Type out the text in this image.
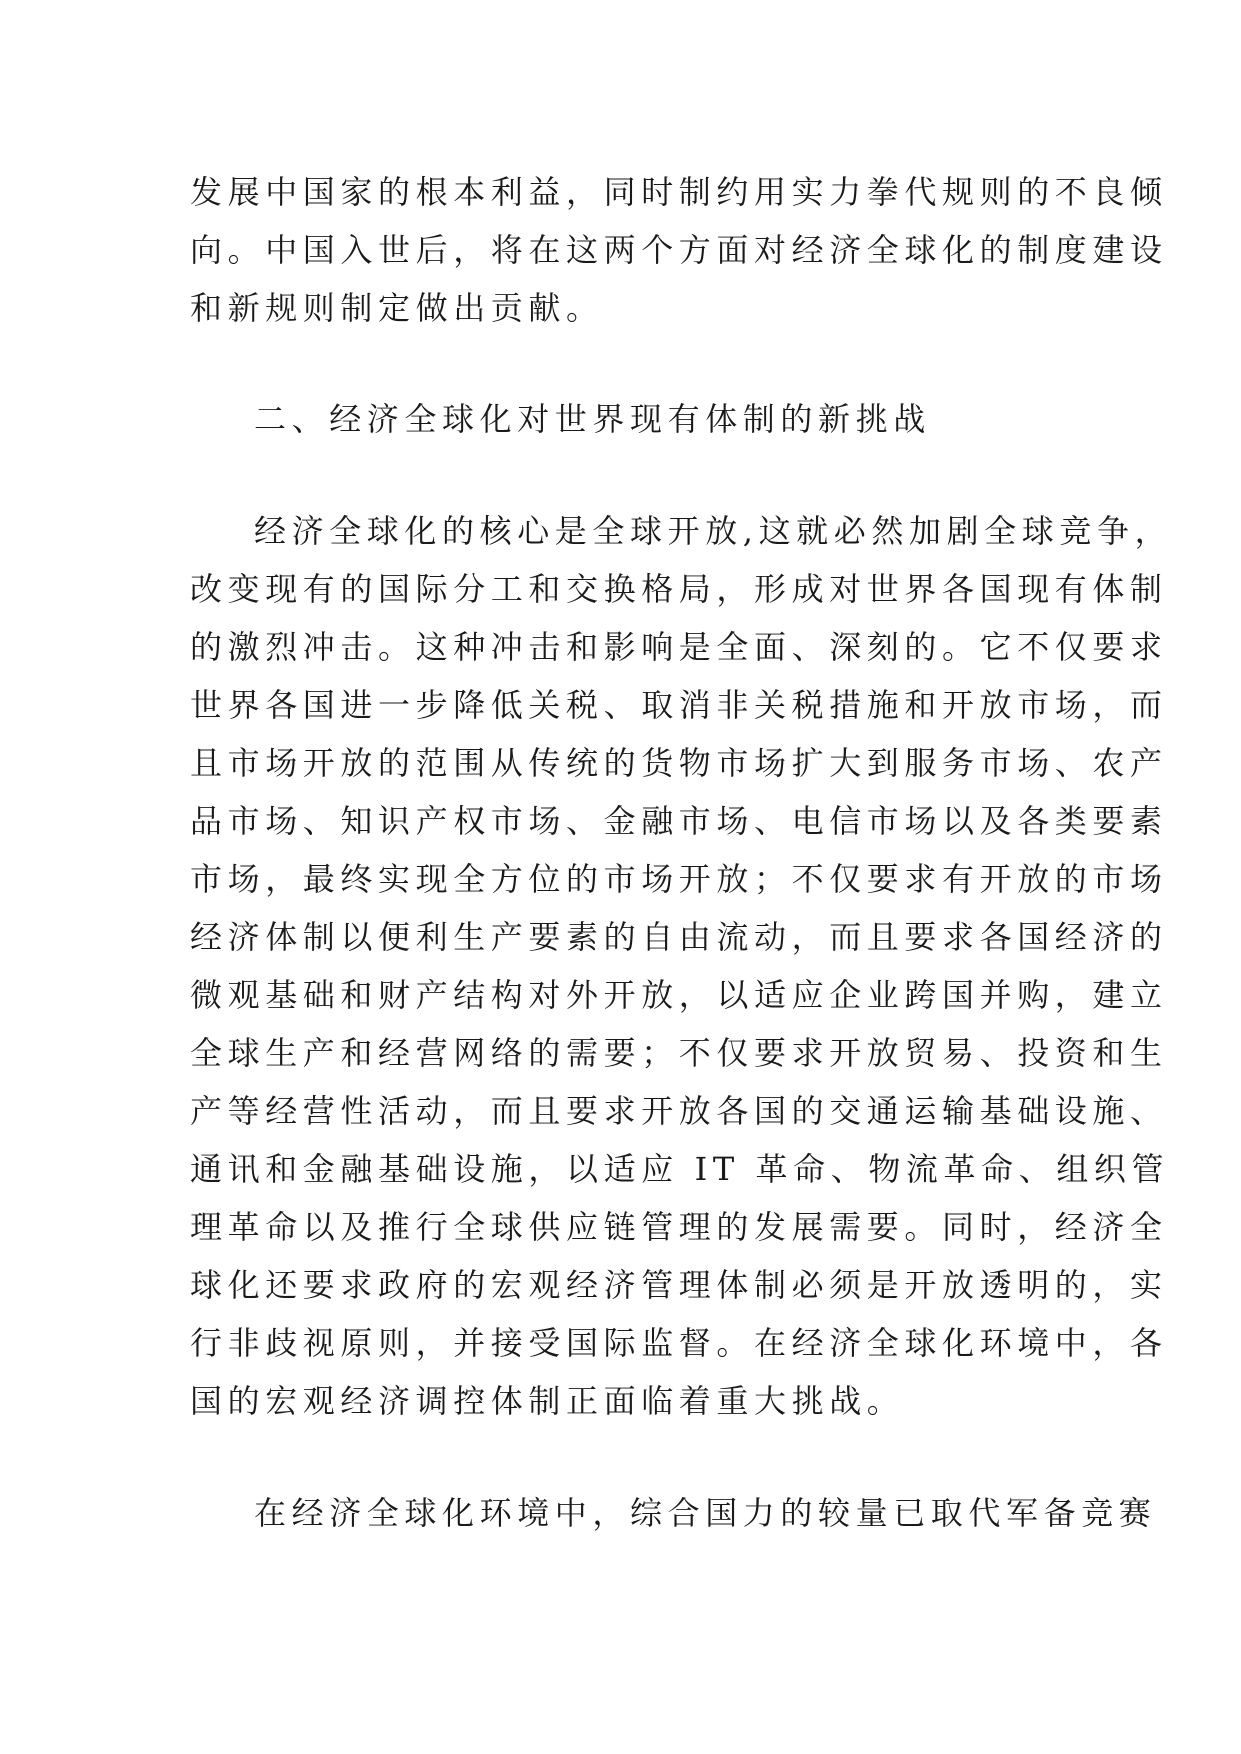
发展中国家的根本利益，同时制约用实力拳代规则的不良倾

向。中国入世后，将在这两个方面对经济全球化的制度建设

和新规则制定做出贡献。

二、经济全球化对世界现有体制的新挑战

经济全球化的核心是全球开放,这就必然加剧全球竞争，

改变现有的国际分工和交换格局，形成对世界各国现有体制

的激烈冲击。这种冲击和影响是全面、深刻的。它不仅要求

世界各国进一步降低关税、取消非关税措施和开放市场，而

且市场开放的范围从传统的货物市场扩大到服务市场、农产

品市场、知识产权市场、金融市场、电信市场以及各类要素

市场，最终实现全方位的市场开放；不仅要求有开放的市场

经济体制以便利生产要素的自由流动，而且要求各国经济的

微观基础和财产结构对外开放，以适应企业跨国并购，建立

全球生产和经营网络的需要；不仅要求开放贸易、投资和生

产等经营性活动，而且要求开放各国的交通运输基础设施、

通讯和金融基础设施，以适应 IT 革命、物流革命、组织管

理革命以及推行全球供应链管理的发展需要。同时，经济全

球化还要求政府的宏观经济管理体制必须是开放透明的，实

行非歧视原则，并接受国际监督。在经济全球化环境中，各

国的宏观经济调控体制正面临着重大挑战。

在经济全球化环境中，综合国力的较量已取代军备竞赛
